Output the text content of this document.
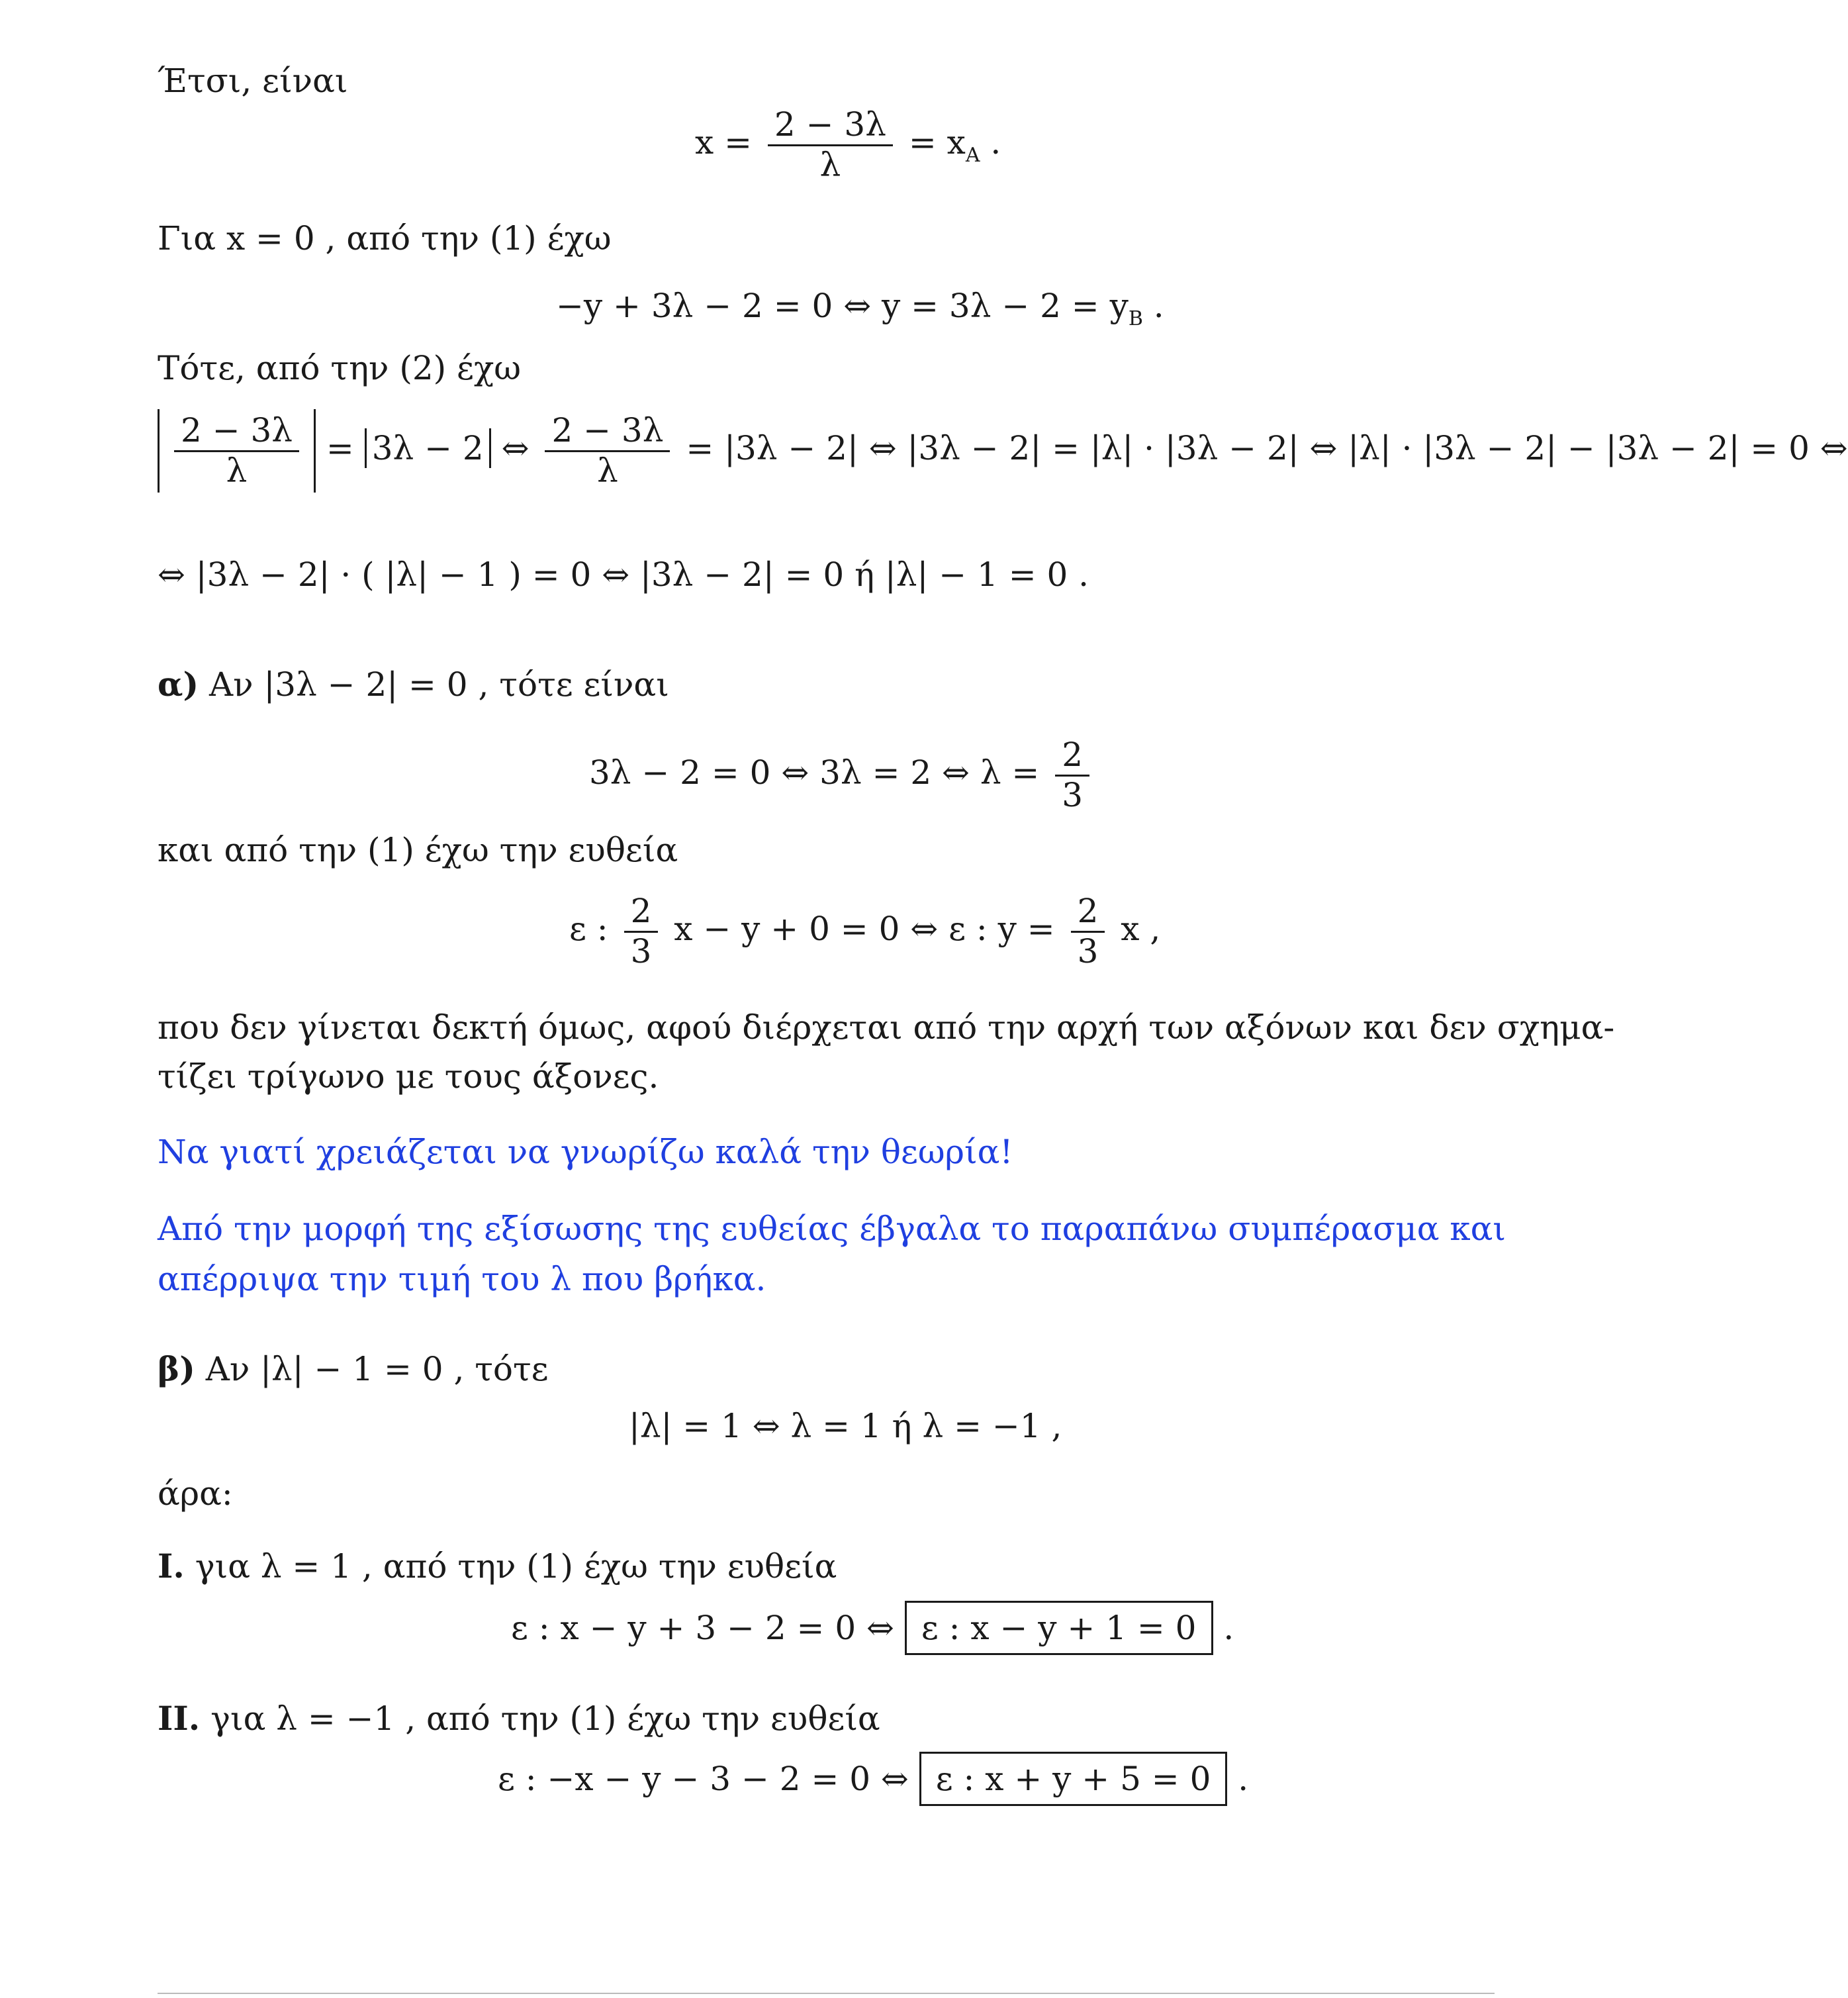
Έτσι, είναι
$x = \frac{2 - 3\lambda}{\lambda} = x_A$ .
Για x = 0 , από την (1) έχω
−y + 3λ − 2 = 0 ⇔ $y = 3\lambda - 2 = y_B$ .
Τότε, από την (2) έχω
$\frac{2 - 3\lambda}{\lambda} = 3\lambda - 2$ ⇔ $\frac{2 - 3\lambda}{\lambda} = |3\lambda - 2|$ ⇔ |3λ − 2| = |λ| · |3λ − 2| ⇔ |λ| · |3λ − 2| − |3λ − 2| = 0 ⇔
⇔ |3λ − 2| · ( |λ| − 1 ) = 0 ⇔ |3λ − 2| = 0 ή |λ| − 1 = 0 .
α) Αν |3λ − 2| = 0 , τότε είναι
3λ − 2 = 0 ⇔ 3λ = 2 ⇔ $\lambda = \frac{2}{3}$
και από την (1) έχω την ευθεία
ε : $\frac{2}{3}$ x − y + 0 = 0 ⇔ ε : $y = \frac{2}{3}$ x ,
που δεν γίνεται δεκτή όμως, αφού διέρχεται από την αρχή των αξόνων και δεν σχημα-
τίζει τρίγωνο με τους άξονες.
Να γιατί χρειάζεται να γνωρίζω καλά την θεωρία!
Από την μορφή της εξίσωσης της ευθείας έβγαλα το παραπάνω συμπέρασμα και
απέρριψα την τιμή του λ που βρήκα.
β) Αν |λ| − 1 = 0 , τότε
|λ| = 1 ⇔ λ = 1 ή λ = −1 ,
άρα:
Ι. για λ = 1 , από την (1) έχω την ευθεία
ε : x − y + 3 − 2 = 0 ⇔ ε : x − y + 1 = 0 .
ΙΙ. για λ = −1 , από την (1) έχω την ευθεία
ε : −x − y − 3 − 2 = 0 ⇔ ε : x + y + 5 = 0 .
